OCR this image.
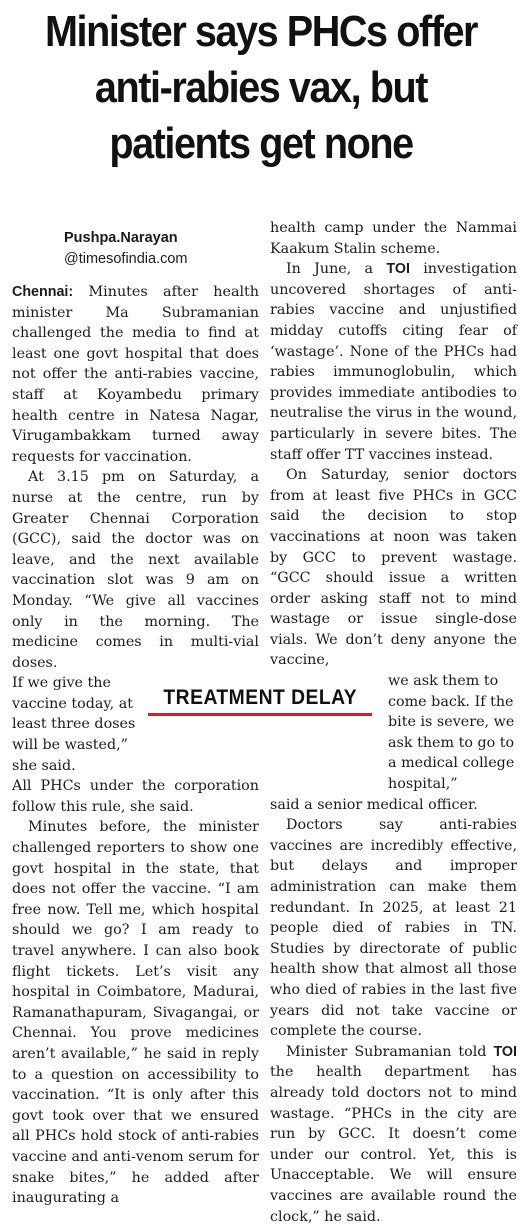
Minister says PHCs offer anti-rabies vax, but patients get none
Pushpa.Narayan
@timesofindia.com

Chennai: Minutes after health minister Ma Subramanian challenged the media to find at least one govt hospital that does not offer the anti-rabies vaccine, staff at Koyambedu primary health centre in Natesa Nagar, Virugambakkam turned away requests for vaccination.

At 3.15 pm on Saturday, a nurse at the centre, run by Greater Chennai Corporation (GCC), said the doctor was on leave, and the next available vaccination slot was 9 am on Monday. “We give all vaccines only in the morning. The medicine comes in multi-vial doses.

If we give the vaccine today, at least three doses will be wasted,” she said.

All PHCs under the corporation follow this rule, she said.

Minutes before, the minister challenged reporters to show one govt hospital in the state, that does not offer the vaccine. “I am free now. Tell me, which hospital should we go? I am ready to travel anywhere. I can also book flight tickets. Let’s visit any hospital in Coimbatore, Madurai, Ramanathapuram, Sivagangai, or Chennai. You prove medicines aren’t available,” he said in reply to a question on accessibility to vaccination. “It is only after this govt took over that we ensured all PHCs hold stock of anti-rabies vaccine and anti-venom serum for snake bites,” he added after inaugurating a

health camp under the Nammai Kaakum Stalin scheme.

In June, a TOI investigation uncovered shortages of anti-rabies vaccine and unjustified midday cutoffs citing fear of ‘wastage’. None of the PHCs had rabies immunoglobulin, which provides immediate antibodies to neutralise the virus in the wound, particularly in severe bites. The staff offer TT vaccines instead.

On Saturday, senior doctors from at least five PHCs in GCC said the decision to stop vaccinations at noon was taken by GCC to prevent wastage. “GCC should issue a written order asking staff not to mind wastage or issue single-dose vials. We don’t deny anyone the vaccine,

we ask them to come back. If the bite is severe, we ask them to go to a medical college hospital,”

said a senior medical officer.

Doctors say anti-rabies vaccines are incredibly effective, but delays and improper administration can make them redundant. In 2025, at least 21 people died of rabies in TN. Studies by directorate of public health show that almost all those who died of rabies in the last five years did not take vaccine or complete the course.

Minister Subramanian told TOI the health department has already told doctors not to mind wastage. “PHCs in the city are run by GCC. It doesn’t come under our control. Yet, this is Unacceptable. We will ensure vaccines are available round the clock,” he said.

TREATMENT DELAY
